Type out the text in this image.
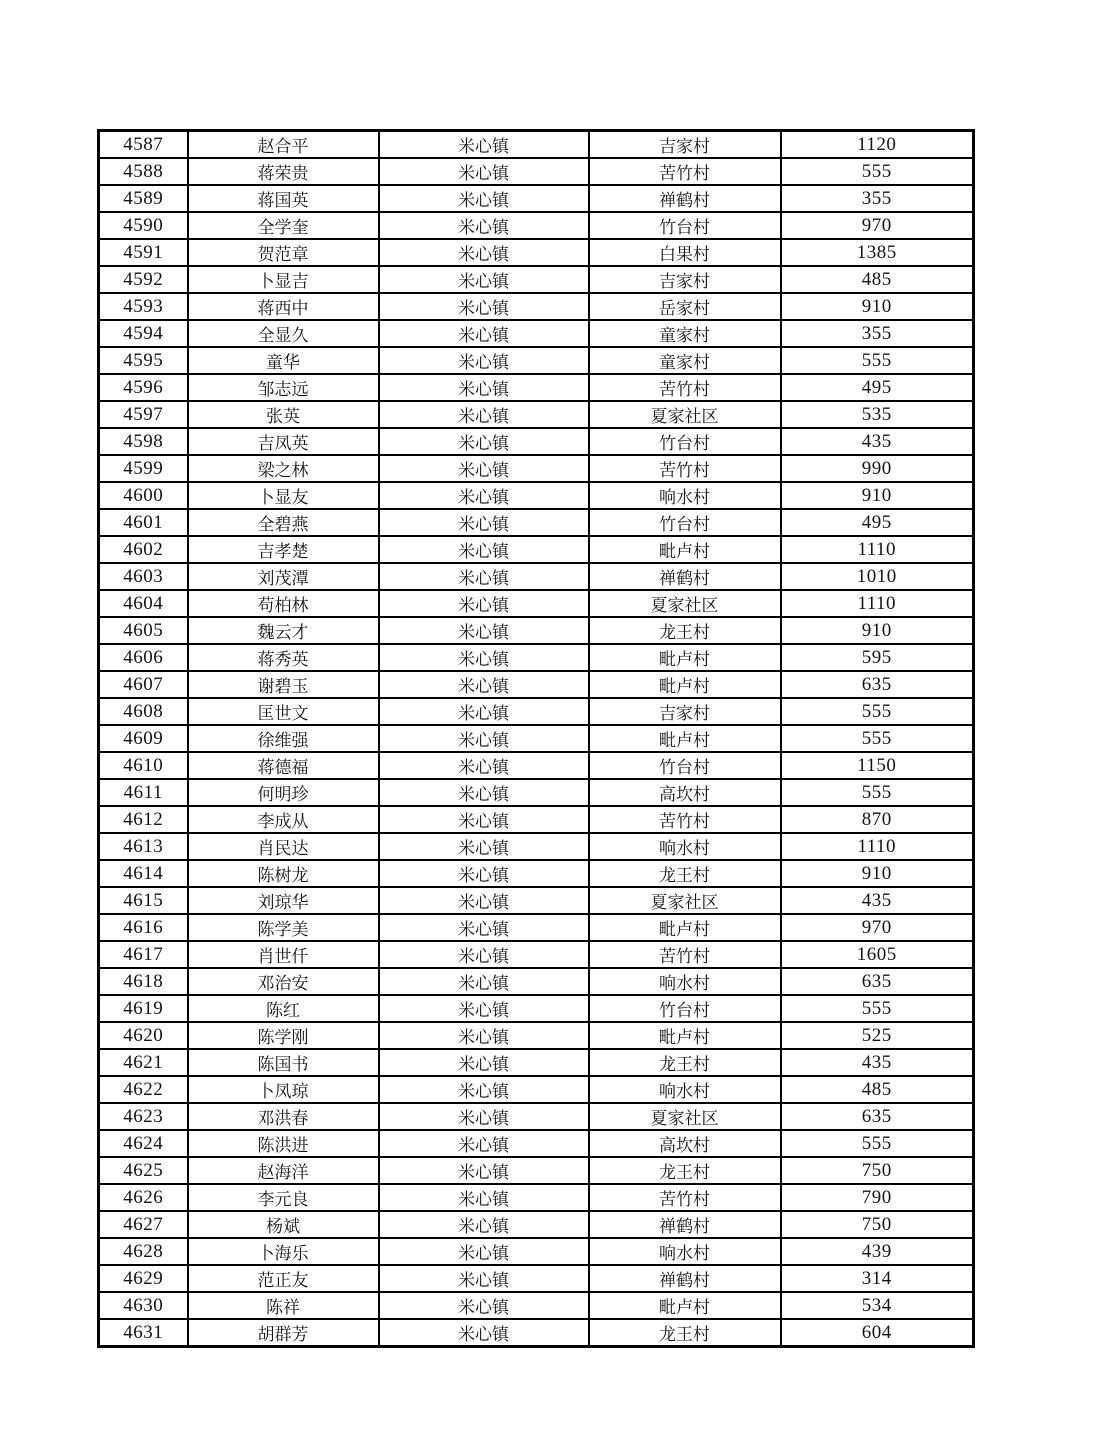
4587	赵合平	米心镇	吉家村	1120
4588	蒋荣贵	米心镇	苦竹村	555
4589	蒋国英	米心镇	禅鹤村	355
4590	全学奎	米心镇	竹台村	970
4591	贺范章	米心镇	白果村	1385
4592	卜显吉	米心镇	吉家村	485
4593	蒋西中	米心镇	岳家村	910
4594	全显久	米心镇	童家村	355
4595	童华	米心镇	童家村	555
4596	邹志远	米心镇	苦竹村	495
4597	张英	米心镇	夏家社区	535
4598	吉凤英	米心镇	竹台村	435
4599	梁之林	米心镇	苦竹村	990
4600	卜显友	米心镇	响水村	910
4601	全碧燕	米心镇	竹台村	495
4602	吉孝楚	米心镇	毗卢村	1110
4603	刘茂潭	米心镇	禅鹤村	1010
4604	苟柏林	米心镇	夏家社区	1110
4605	魏云才	米心镇	龙王村	910
4606	蒋秀英	米心镇	毗卢村	595
4607	谢碧玉	米心镇	毗卢村	635
4608	匡世文	米心镇	吉家村	555
4609	徐维强	米心镇	毗卢村	555
4610	蒋德福	米心镇	竹台村	1150
4611	何明珍	米心镇	高坎村	555
4612	李成从	米心镇	苦竹村	870
4613	肖民达	米心镇	响水村	1110
4614	陈树龙	米心镇	龙王村	910
4615	刘琼华	米心镇	夏家社区	435
4616	陈学美	米心镇	毗卢村	970
4617	肖世仟	米心镇	苦竹村	1605
4618	邓治安	米心镇	响水村	635
4619	陈红	米心镇	竹台村	555
4620	陈学刚	米心镇	毗卢村	525
4621	陈国书	米心镇	龙王村	435
4622	卜凤琼	米心镇	响水村	485
4623	邓洪春	米心镇	夏家社区	635
4624	陈洪进	米心镇	高坎村	555
4625	赵海洋	米心镇	龙王村	750
4626	李元良	米心镇	苦竹村	790
4627	杨斌	米心镇	禅鹤村	750
4628	卜海乐	米心镇	响水村	439
4629	范正友	米心镇	禅鹤村	314
4630	陈祥	米心镇	毗卢村	534
4631	胡群芳	米心镇	龙王村	604
